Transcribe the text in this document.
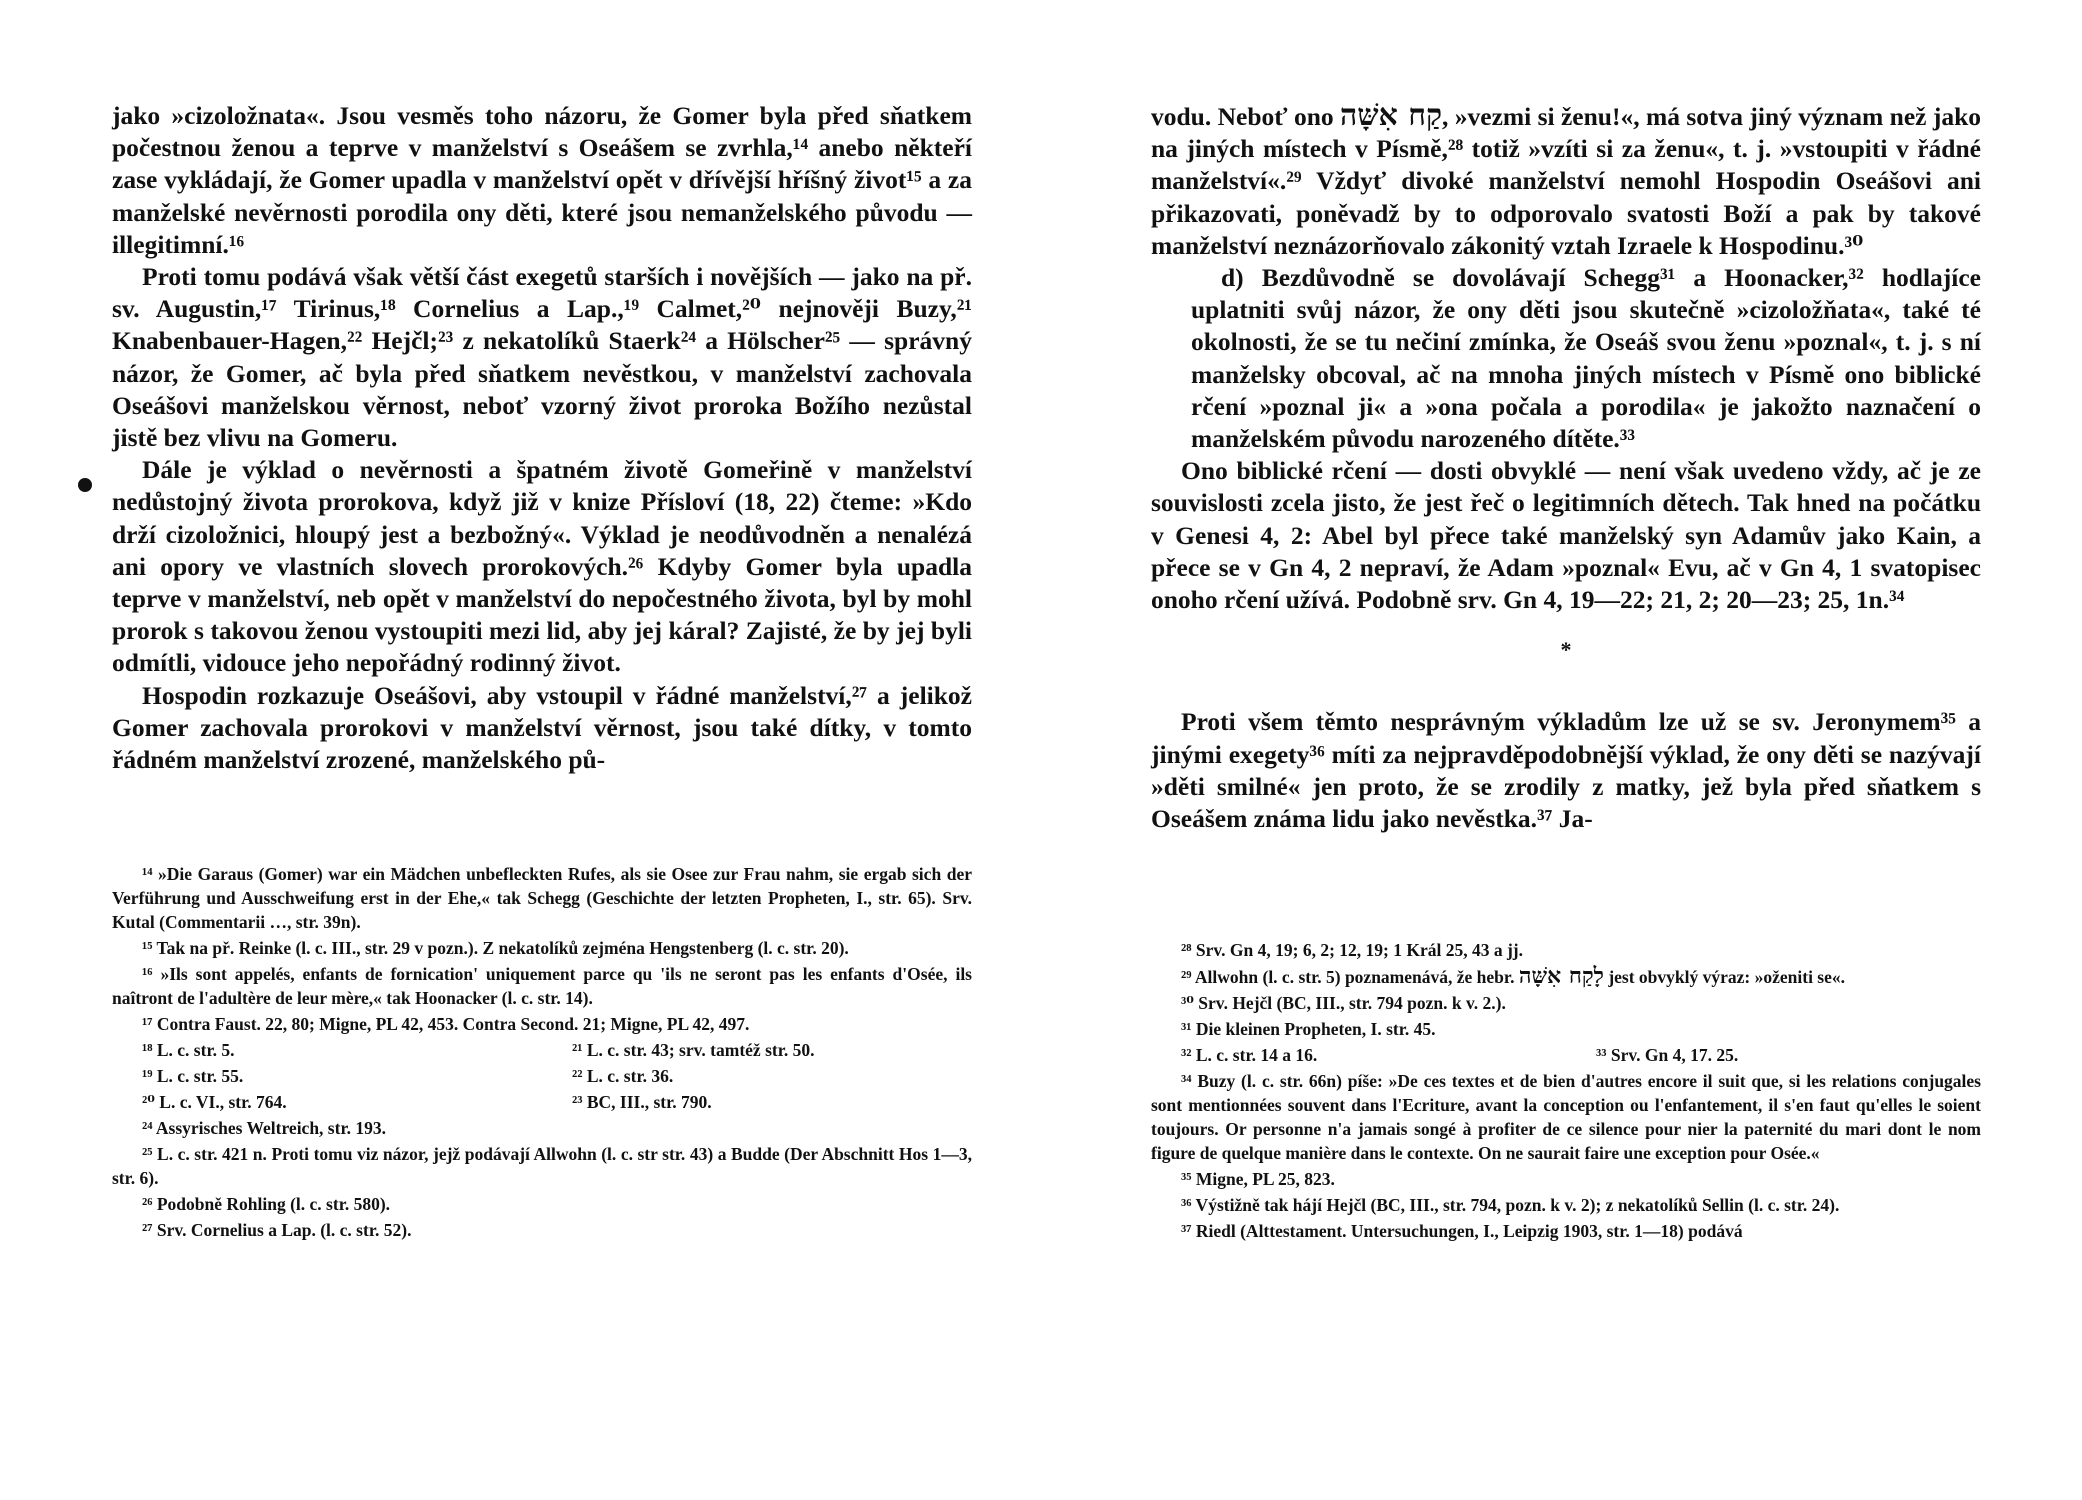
jako »cizoložnata«. Jsou vesměs toho názoru, že Gomer byla před sňatkem počestnou ženou a teprve v manželství s Oseášem se zvrhla,¹⁴ anebo někteří zase vykládají, že Gomer upadla v manželství opět v dřívější hříšný život¹⁵ a za manželské nevěrnosti porodila ony děti, které jsou nemanželského původu — illegitimní.¹⁶

Proti tomu podává však větší část exegetů starších i novějších — jako na př. sv. Augustin,¹⁷ Tirinus,¹⁸ Cornelius a Lap.,¹⁹ Calmet,²⁰ nejnověji Buzy,²¹ Knabenbauer-Hagen,²² Hejčl;²³ z nekatolíků Staerk²⁴ a Hölscher²⁵ — správný názor, že Gomer, ač byla před sňatkem nevěstkou, v manželství zachovala Oseášovi manželskou věrnost, neboť vzorný život proroka Božího nezůstal jistě bez vlivu na Gomeru.

Dále je výklad o nevěrnosti a špatném životě Gomeřině v manželství nedůstojný života prorokova, když již v knize Přísloví (18, 22) čteme: »Kdo drží cizoložnici, hloupý jest a bezbožný«. Výklad je neodůvodněn a nenalézá ani opory ve vlastních slovech prorokových.²⁶ Kdyby Gomer byla upadla teprve v manželství, neb opět v manželství do nepočestného života, byl by mohl prorok s takovou ženou vystoupiti mezi lid, aby jej káral? Zajisté, že by jej byli odmítli, vidouce jeho nepořádný rodinný život.

Hospodin rozkazuje Oseášovi, aby vstoupil v řádné manželství,²⁷ a jelikož Gomer zachovala prorokovi v manželství věrnost, jsou také dítky, v tomto řádném manželství zrozené, manželského pů-

¹⁴ »Die Garaus (Gomer) war ein Mädchen unbefleckten Rufes, als sie Osee zur Frau nahm, sie ergab sich der Verführung und Ausschweifung erst in der Ehe,« tak Schegg (Geschichte der letzten Propheten, I., str. 65). Srv. Kutal (Commentarii …, str. 39n).
¹⁵ Tak na př. Reinke (l. c. III., str. 29 v pozn.). Z nekatolíků zejména Hengstenberg (l. c. str. 20).
¹⁶ »Ils sont appelés, enfants de fornication' uniquement parce qu 'ils ne seront pas les enfants d'Osée, ils naîtront de l'adultère de leur mère,« tak Hoonacker (l. c. str. 14).
¹⁷ Contra Faust. 22, 80; Migne, PL 42, 453. Contra Second. 21; Migne, PL 42, 497.
¹⁸ L. c. str. 5.	²¹ L. c. str. 43; srv. tamtéž str. 50.
¹⁹ L. c. str. 55.	²² L. c. str. 36.
²⁰ L. c. VI., str. 764.	²³ BC, III., str. 790.
²⁴ Assyrisches Weltreich, str. 193.
²⁵ L. c. str. 421 n. Proti tomu viz názor, jejž podávají Allwohn (l. c. str str. 43) a Budde (Der Abschnitt Hos 1—3, str. 6).
²⁶ Podobně Rohling (l. c. str. 580).
²⁷ Srv. Cornelius a Lap. (l. c. str. 52).

vodu. Neboť ono קַח אִשָּׁה, »vezmi si ženu!«, má sotva jiný význam než jako na jiných místech v Písmě,²⁸ totiž »vzíti si za ženu«, t. j. »vstoupiti v řádné manželství«.²⁹ Vždyť divoké manželství nemohl Hospodin Oseášovi ani přikazovati, poněvadž by to odporovalo svatosti Boží a pak by takové manželství neznázorňovalo zákonitý vztah Izraele k Hospodinu.³⁰

d) Bezdůvodně se dovolávají Schegg³¹ a Hoonacker,³² hodlajíce uplatniti svůj názor, že ony děti jsou skutečně »cizoložňata«, také té okolnosti, že se tu nečiní zmínka, že Oseáš svou ženu »poznal«, t. j. s ní manželsky obcoval, ač na mnoha jiných místech v Písmě ono biblické rčení »poznal ji« a »ona počala a porodila« je jakožto naznačení o manželském původu narozeného dítěte.³³

Ono biblické rčení — dosti obvyklé — není však uvedeno vždy, ač je ze souvislosti zcela jisto, že jest řeč o legitimních dětech. Tak hned na počátku v Genesi 4, 2: Abel byl přece také manželský syn Adamův jako Kain, a přece se v Gn 4, 2 nepraví, že Adam »poznal« Evu, ač v Gn 4, 1 svatopisec onoho rčení užívá. Podobně srv. Gn 4, 19—22; 21, 2; 20—23; 25, 1n.³⁴

*

Proti všem těmto nesprávným výkladům lze už se sv. Jeronymem³⁵ a jinými exegety³⁶ míti za nejpravděpodobnější výklad, že ony děti se nazývají »děti smilné« jen proto, že se zrodily z matky, jež byla před sňatkem s Oseášem známa lidu jako nevěstka.³⁷ Ja-

²⁸ Srv. Gn 4, 19; 6, 2; 12, 19; 1 Král 25, 43 a jj.
²⁹ Allwohn (l. c. str. 5) poznamenává, že hebr. לָקַח אִשָּׁה jest obvyklý výraz: »oženiti se«.
³⁰ Srv. Hejčl (BC, III., str. 794 pozn. k v. 2.).
³¹ Die kleinen Propheten, I. str. 45.
³² L. c. str. 14 a 16.	³³ Srv. Gn 4, 17. 25.
³⁴ Buzy (l. c. str. 66n) píše: »De ces textes et de bien d'autres encore il suit que, si les relations conjugales sont mentionnées souvent dans l'Ecriture, avant la conception ou l'enfantement, il s'en faut qu'elles le soient toujours. Or personne n'a jamais songé à profiter de ce silence pour nier la paternité du mari dont le nom figure de quelque manière dans le contexte. On ne saurait faire une exception pour Osée.«
³⁵ Migne, PL 25, 823.
³⁶ Výstižně tak hájí Hejčl (BC, III., str. 794, pozn. k v. 2); z nekatolíků Sellin (l. c. str. 24).
³⁷ Riedl (Alttestament. Untersuchungen, I., Leipzig 1903, str. 1—18) podává
